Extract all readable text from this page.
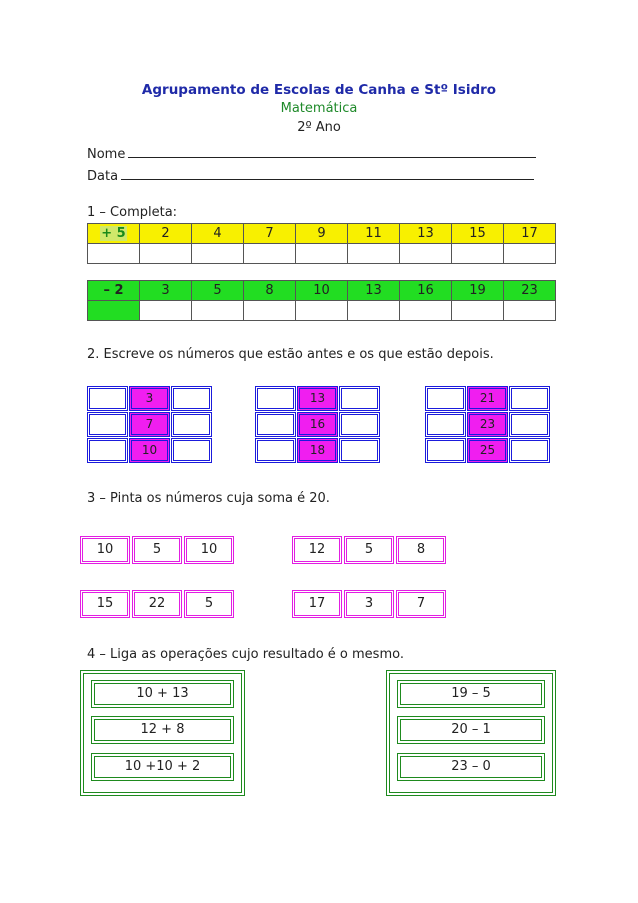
Agrupamento de Escolas de Canha e Stº Isidro
Matemática
2º Ano
Nome
Data
1 – Completa:
+ 5	2	4	7	9	11	13	15	17

– 2	3	5	8	10	13	16	19	23

2. Escreve os números que estão antes e os que estão depois.
3
7
10
13
16
18
21
23
25
3 – Pinta os números cuja soma é 20.
10	5	10	12	5	8
15	22	5	17	3	7
4 – Liga as operações cujo resultado é o mesmo.
10 + 13
12 + 8
10 +10 + 2
19 – 5
20 – 1
23 – 0
